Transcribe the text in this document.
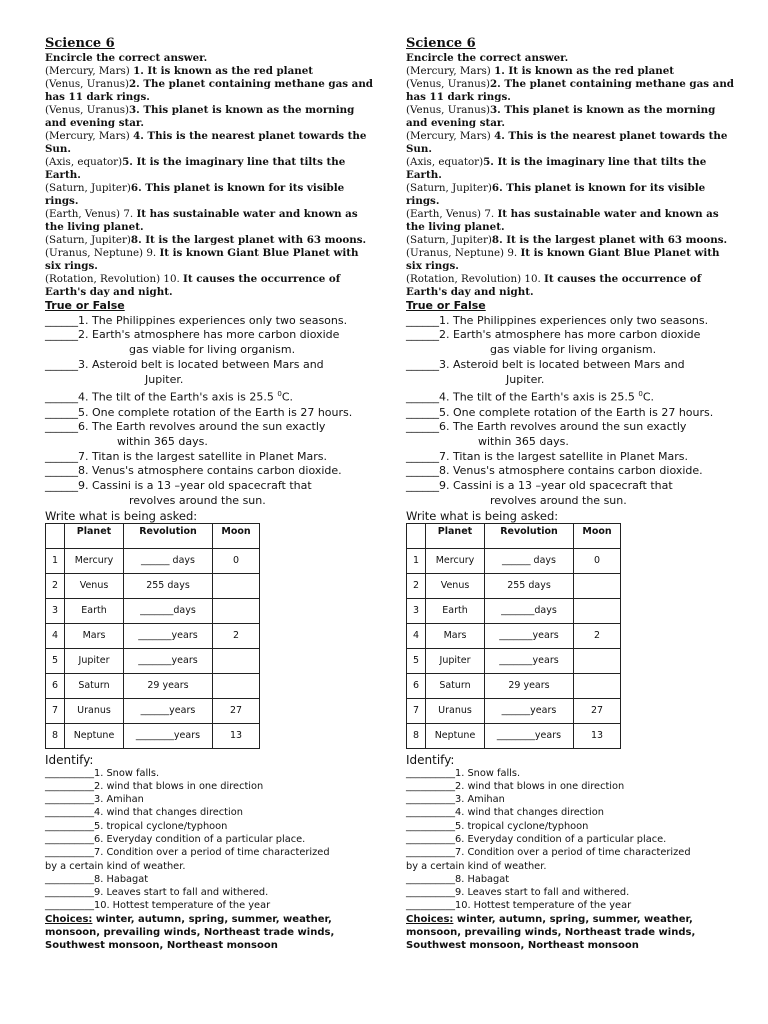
Science 6
Encircle the correct answer.
(Mercury, Mars) 1. It is known as the red planet
(Venus, Uranus)2. The planet containing methane gas and has 11 dark rings.
(Venus, Uranus)3. This planet is known as the morning and evening star.
(Mercury, Mars) 4. This is the nearest planet towards the Sun.
(Axis, equator)5. It is the imaginary line that tilts the Earth.
(Saturn, Jupiter)6. This planet is known for its visible rings.
(Earth, Venus) 7. It has sustainable water and known as the living planet.
(Saturn, Jupiter)8. It is the largest planet with 63 moons.
(Uranus, Neptune) 9. It is known Giant Blue Planet with six rings.
(Rotation, Revolution) 10. It causes the occurrence of Earth's day and night.
True or False
______1. The Philippines experiences only two seasons.
______2. Earth's atmosphere has more carbon dioxide
gas viable for living organism.
______3. Asteroid belt is located between Mars and
Jupiter.
______4. The tilt of the Earth's axis is 25.5 $^0$C.
______5. One complete rotation of the Earth is 27 hours.
______6. The Earth revolves around the sun exactly
within 365 days.
______7. Titan is the largest satellite in Planet Mars.
______8. Venus's atmosphere contains carbon dioxide.
______9. Cassini is a 13 –year old spacecraft that
revolves around the sun.
Write what is being asked:
	Planet	Revolution	Moon
1	Mercury	______ days	0
2	Venus	255 days	
3	Earth	_______days	
4	Mars	_______years	2
5	Jupiter	_______years	
6	Saturn	29 years	
7	Uranus	______years	27
8	Neptune	________years	13
Identify:
__________1. Snow falls.
__________2. wind that blows in one direction
__________3. Amihan
__________4. wind that changes direction
__________5. tropical cyclone/typhoon
__________6. Everyday condition of a particular place.
__________7. Condition over a period of time characterized
by a certain kind of weather.
__________8. Habagat
__________9. Leaves start to fall and withered.
__________10. Hottest temperature of the year
Choices: winter, autumn, spring, summer, weather,
monsoon, prevailing winds, Northeast trade winds,
Southwest monsoon, Northeast monsoon
Science 6
Encircle the correct answer.
(Mercury, Mars) 1. It is known as the red planet
(Venus, Uranus)2. The planet containing methane gas and has 11 dark rings.
(Venus, Uranus)3. This planet is known as the morning and evening star.
(Mercury, Mars) 4. This is the nearest planet towards the Sun.
(Axis, equator)5. It is the imaginary line that tilts the Earth.
(Saturn, Jupiter)6. This planet is known for its visible rings.
(Earth, Venus) 7. It has sustainable water and known as the living planet.
(Saturn, Jupiter)8. It is the largest planet with 63 moons.
(Uranus, Neptune) 9. It is known Giant Blue Planet with six rings.
(Rotation, Revolution) 10. It causes the occurrence of Earth's day and night.
True or False
______1. The Philippines experiences only two seasons.
______2. Earth's atmosphere has more carbon dioxide
gas viable for living organism.
______3. Asteroid belt is located between Mars and
Jupiter.
______4. The tilt of the Earth's axis is 25.5 $^0$C.
______5. One complete rotation of the Earth is 27 hours.
______6. The Earth revolves around the sun exactly
within 365 days.
______7. Titan is the largest satellite in Planet Mars.
______8. Venus's atmosphere contains carbon dioxide.
______9. Cassini is a 13 –year old spacecraft that
revolves around the sun.
Write what is being asked:
	Planet	Revolution	Moon
1	Mercury	______ days	0
2	Venus	255 days	
3	Earth	_______days	
4	Mars	_______years	2
5	Jupiter	_______years	
6	Saturn	29 years	
7	Uranus	______years	27
8	Neptune	________years	13
Identify:
__________1. Snow falls.
__________2. wind that blows in one direction
__________3. Amihan
__________4. wind that changes direction
__________5. tropical cyclone/typhoon
__________6. Everyday condition of a particular place.
__________7. Condition over a period of time characterized
by a certain kind of weather.
__________8. Habagat
__________9. Leaves start to fall and withered.
__________10. Hottest temperature of the year
Choices: winter, autumn, spring, summer, weather,
monsoon, prevailing winds, Northeast trade winds,
Southwest monsoon, Northeast monsoon
